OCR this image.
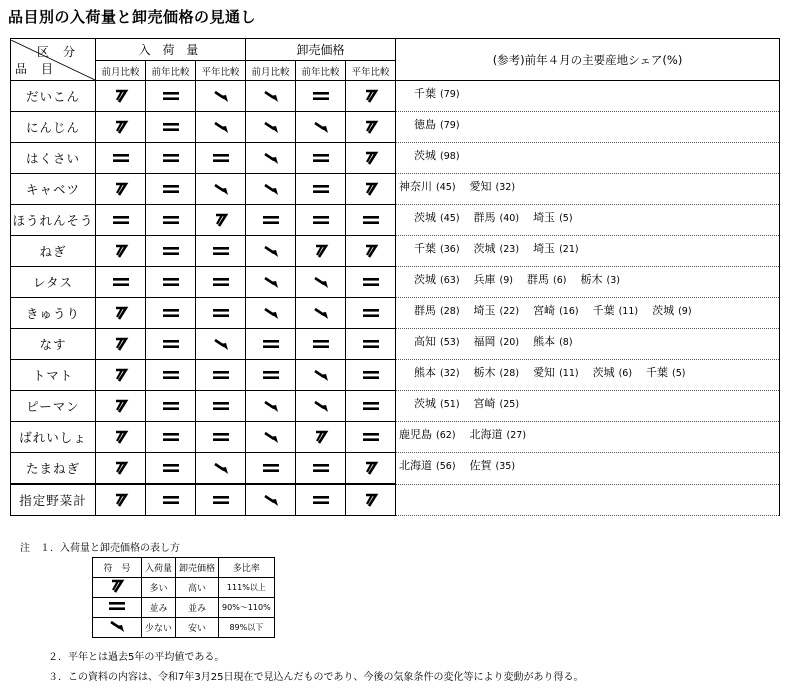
品目別の入荷量と卸売価格の見通し
区分
品目	入 荷 量			卸売価格			(参考)前年４月の主要産地シェア(%)
	前月比較	前年比較	平年比較	前月比較	前年比較	平年比較	
だいこん							千葉 (79)

にんじん							徳島 (79)

はくさい							茨城 (98)

キャベツ							神奈川 (45) 愛知 (32)

ほうれんそう							茨城 (45) 群馬 (40) 埼玉 (5)

ねぎ							千葉 (36) 茨城 (23) 埼玉 (21)

レタス							茨城 (63) 兵庫 (9) 群馬 (6) 栃木 (3)

きゅうり							群馬 (28) 埼玉 (22) 宮崎 (16) 千葉 (11) 茨城 (9)

なす							高知 (53) 福岡 (20) 熊本 (8)

トマト							熊本 (32) 栃木 (28) 愛知 (11) 茨城 (6) 千葉 (5)

ピーマン							茨城 (51) 宮崎 (25)

ばれいしょ							鹿児島 (62) 北海道 (27)

たまねぎ							北海道 (56) 佐賀 (35)

指定野菜計	

注　１．入荷量と卸売価格の表し方
符　号	入荷量	卸売価格	多比率
	多い	高い	111%以上
	並み	並み	90%～110%
	少ない	安い	89%以下
２．平年とは過去5年の平均値である。
３．この資料の内容は、令和7年3月25日現在で見込んだものであり、今後の気象条件の変化等により変動があり得る。
